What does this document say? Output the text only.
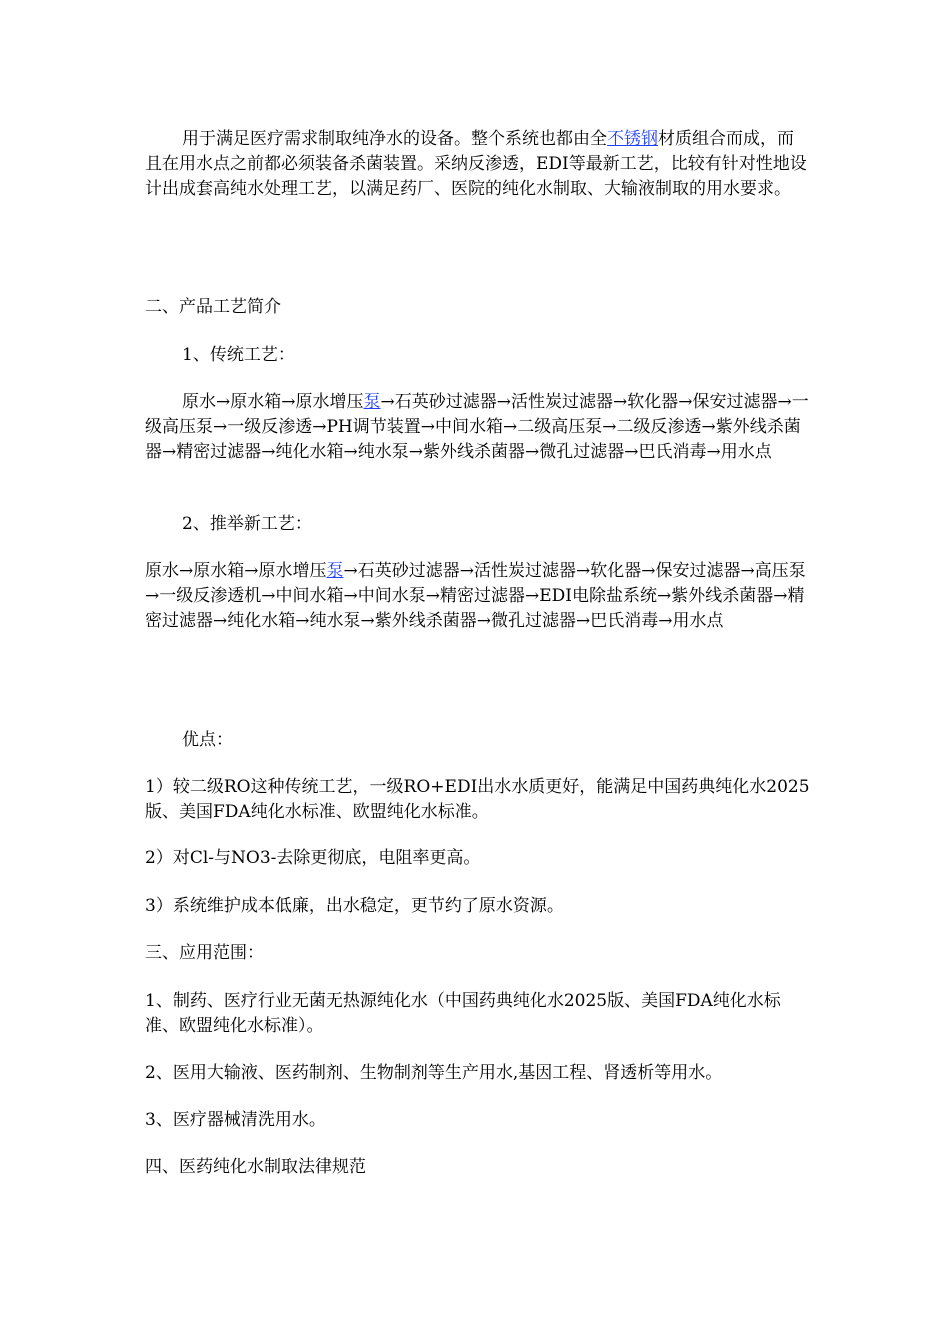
用于满足医疗需求制取纯净水的设备。整个系统也都由全不锈钢材质组合而成，而且在用水点之前都必须装备杀菌装置。采纳反渗透，EDI等最新工艺，比较有针对性地设计出成套高纯水处理工艺，以满足药厂、医院的纯化水制取、大输液制取的用水要求。

二、产品工艺简介

1、传统工艺：

原水→原水箱→原水增压泵→石英砂过滤器→活性炭过滤器→软化器→保安过滤器→一级高压泵→一级反渗透→PH调节装置→中间水箱→二级高压泵→二级反渗透→紫外线杀菌器→精密过滤器→纯化水箱→纯水泵→紫外线杀菌器→微孔过滤器→巴氏消毒→用水点

2、推举新工艺：

原水→原水箱→原水增压泵→石英砂过滤器→活性炭过滤器→软化器→保安过滤器→高压泵→一级反渗透机→中间水箱→中间水泵→精密过滤器→EDI电除盐系统→紫外线杀菌器→精密过滤器→纯化水箱→纯水泵→紫外线杀菌器→微孔过滤器→巴氏消毒→用水点

优点：

1）较二级RO这种传统工艺，一级RO+EDI出水水质更好，能满足中国药典纯化水2025版、美国FDA纯化水标准、欧盟纯化水标准。

2）对Cl-与NO3-去除更彻底，电阻率更高。

3）系统维护成本低廉，出水稳定，更节约了原水资源。

三、应用范围：

1、制药、医疗行业无菌无热源纯化水（中国药典纯化水2025版、美国FDA纯化水标准、欧盟纯化水标准）。

2、医用大输液、医药制剂、生物制剂等生产用水,基因工程、肾透析等用水。

3、医疗器械清洗用水。

四、医药纯化水制取法律规范
